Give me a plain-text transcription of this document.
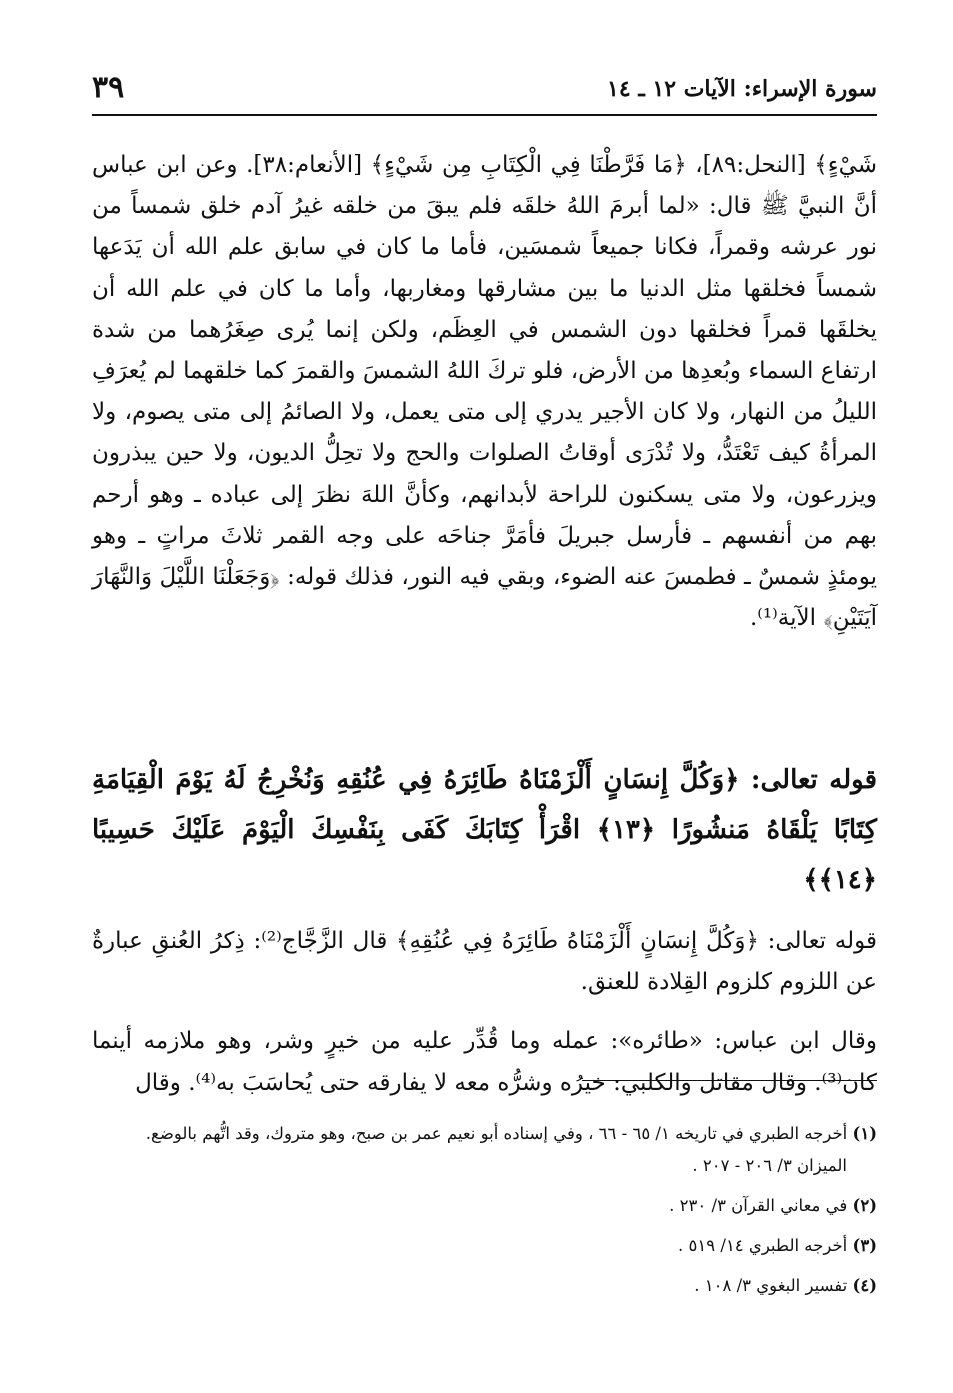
سورة الإسراء: الآيات ١٢ ـ ١٤
٣٩

شَيْءٍ﴾ [النحل:٨٩]، ﴿مَا فَرَّطْنَا فِي الْكِتَابِ مِن شَيْءٍ﴾ [الأنعام:٣٨]. وعن ابن عباس أنَّ النبيَّ ﷺ قال: «لما أبرمَ اللهُ خلقَه فلم يبقَ من خلقه غيرُ آدم خلق شمساً من نور عرشه وقمراً، فكانا جميعاً شمسَين، فأما ما كان في سابق علم الله أن يَدَعها شمساً فخلقها مثل الدنيا ما بين مشارقها ومغاربها، وأما ما كان في علم الله أن يخلقَها قمراً فخلقها دون الشمس في العِظَم، ولكن إنما يُرى صِغَرُهما من شدة ارتفاع السماء وبُعدِها من الأرض، فلو تركَ اللهُ الشمسَ والقمرَ كما خلقهما لم يُعرَفِ الليلُ من النهار، ولا كان الأجير يدري إلى متى يعمل، ولا الصائمُ إلى متى يصوم، ولا المرأةُ كيف تَعْتَدُّ، ولا تُدْرَى أوقاتُ الصلوات والحج ولا تحِلُّ الديون، ولا حين يبذرون ويزرعون، ولا متى يسكنون للراحة لأبدانهم، وكأنَّ اللهَ نظرَ إلى عباده ـ وهو أرحم بهم من أنفسهم ـ فأرسل جبريلَ فأمَرَّ جناحَه على وجه القمر ثلاثَ مراتٍ ـ وهو يومئذٍ شمسٌ ـ فطمسَ عنه الضوء، وبقي فيه النور، فذلك قوله: ﴿وَجَعَلْنَا اللَّيْلَ وَالنَّهَارَ آيَتَيْنِ﴾ الآية⁽¹⁾.

قوله تعالى: ﴿وَكُلَّ إِنسَانٍ أَلْزَمْنَاهُ طَائِرَهُ فِي عُنُقِهِ وَنُخْرِجُ لَهُ يَوْمَ الْقِيَامَةِ كِتَابًا يَلْقَاهُ مَنشُورًا ﴿١٣﴾ اقْرَأْ كِتَابَكَ كَفَى بِنَفْسِكَ الْيَوْمَ عَلَيْكَ حَسِيبًا ﴿١٤﴾﴾

قوله تعالى: ﴿وَكُلَّ إِنسَانٍ أَلْزَمْنَاهُ طَائِرَهُ فِي عُنُقِهِ﴾ قال الزَّجَّاج⁽²⁾: ذِكرُ العُنقِ عبارةٌ عن اللزوم كلزوم القِلادة للعنق.

وقال ابن عباس: «طائره»: عمله وما قُدِّر عليه من خيرٍ وشر، وهو ملازمه أينما كان⁽³⁾. وقال مقاتل والكلبي: خيرُه وشرُّه معه لا يفارقه حتى يُحاسَبَ به⁽⁴⁾. وقال

(١) أخرجه الطبري في تاريخه ١/ ٦٥ - ٦٦ ، وفي إسناده أبو نعيم عمر بن صبح، وهو متروك، وقد اتُّهم بالوضع. الميزان ٣/ ٢٠٦ - ٢٠٧ .

(٢) في معاني القرآن ٣/ ٢٣٠ .

(٣) أخرجه الطبري ١٤/ ٥١٩ .

(٤) تفسير البغوي ٣/ ١٠٨ .
